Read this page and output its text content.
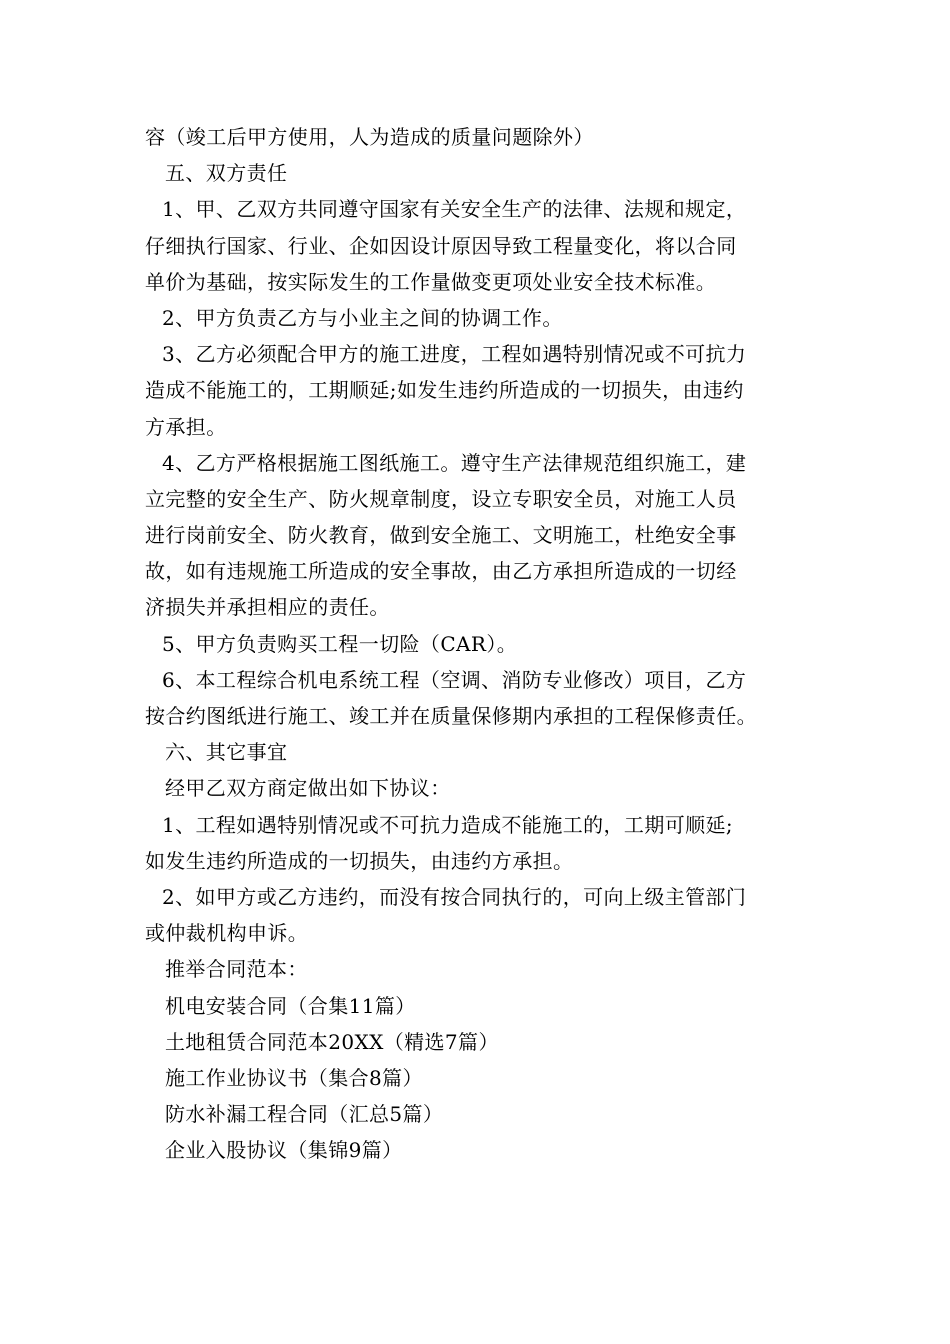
容（竣工后甲方使用，人为造成的质量问题除外）
五、双方责任
1、甲、乙双方共同遵守国家有关安全生产的法律、法规和规定，
仔细执行国家、行业、企如因设计原因导致工程量变化，将以合同
单价为基础，按实际发生的工作量做变更项处业安全技术标准。
2、甲方负责乙方与小业主之间的协调工作。
3、乙方必须配合甲方的施工进度，工程如遇特别情况或不可抗力
造成不能施工的，工期顺延;如发生违约所造成的一切损失，由违约
方承担。
4、乙方严格根据施工图纸施工。遵守生产法律规范组织施工，建
立完整的安全生产、防火规章制度，设立专职安全员，对施工人员
进行岗前安全、防火教育，做到安全施工、文明施工，杜绝安全事
故，如有违规施工所造成的安全事故，由乙方承担所造成的一切经
济损失并承担相应的责任。
5、甲方负责购买工程一切险（CAR）。
6、本工程综合机电系统工程（空调、消防专业修改）项目，乙方
按合约图纸进行施工、竣工并在质量保修期内承担的工程保修责任。
六、其它事宜
经甲乙双方商定做出如下协议：
1、工程如遇特别情况或不可抗力造成不能施工的，工期可顺延;
如发生违约所造成的一切损失，由违约方承担。
2、如甲方或乙方违约，而没有按合同执行的，可向上级主管部门
或仲裁机构申诉。
推举合同范本：
机电安装合同（合集11篇）
土地租赁合同范本20XX（精选7篇）
施工作业协议书（集合8篇）
防水补漏工程合同（汇总5篇）
企业入股协议（集锦9篇）
